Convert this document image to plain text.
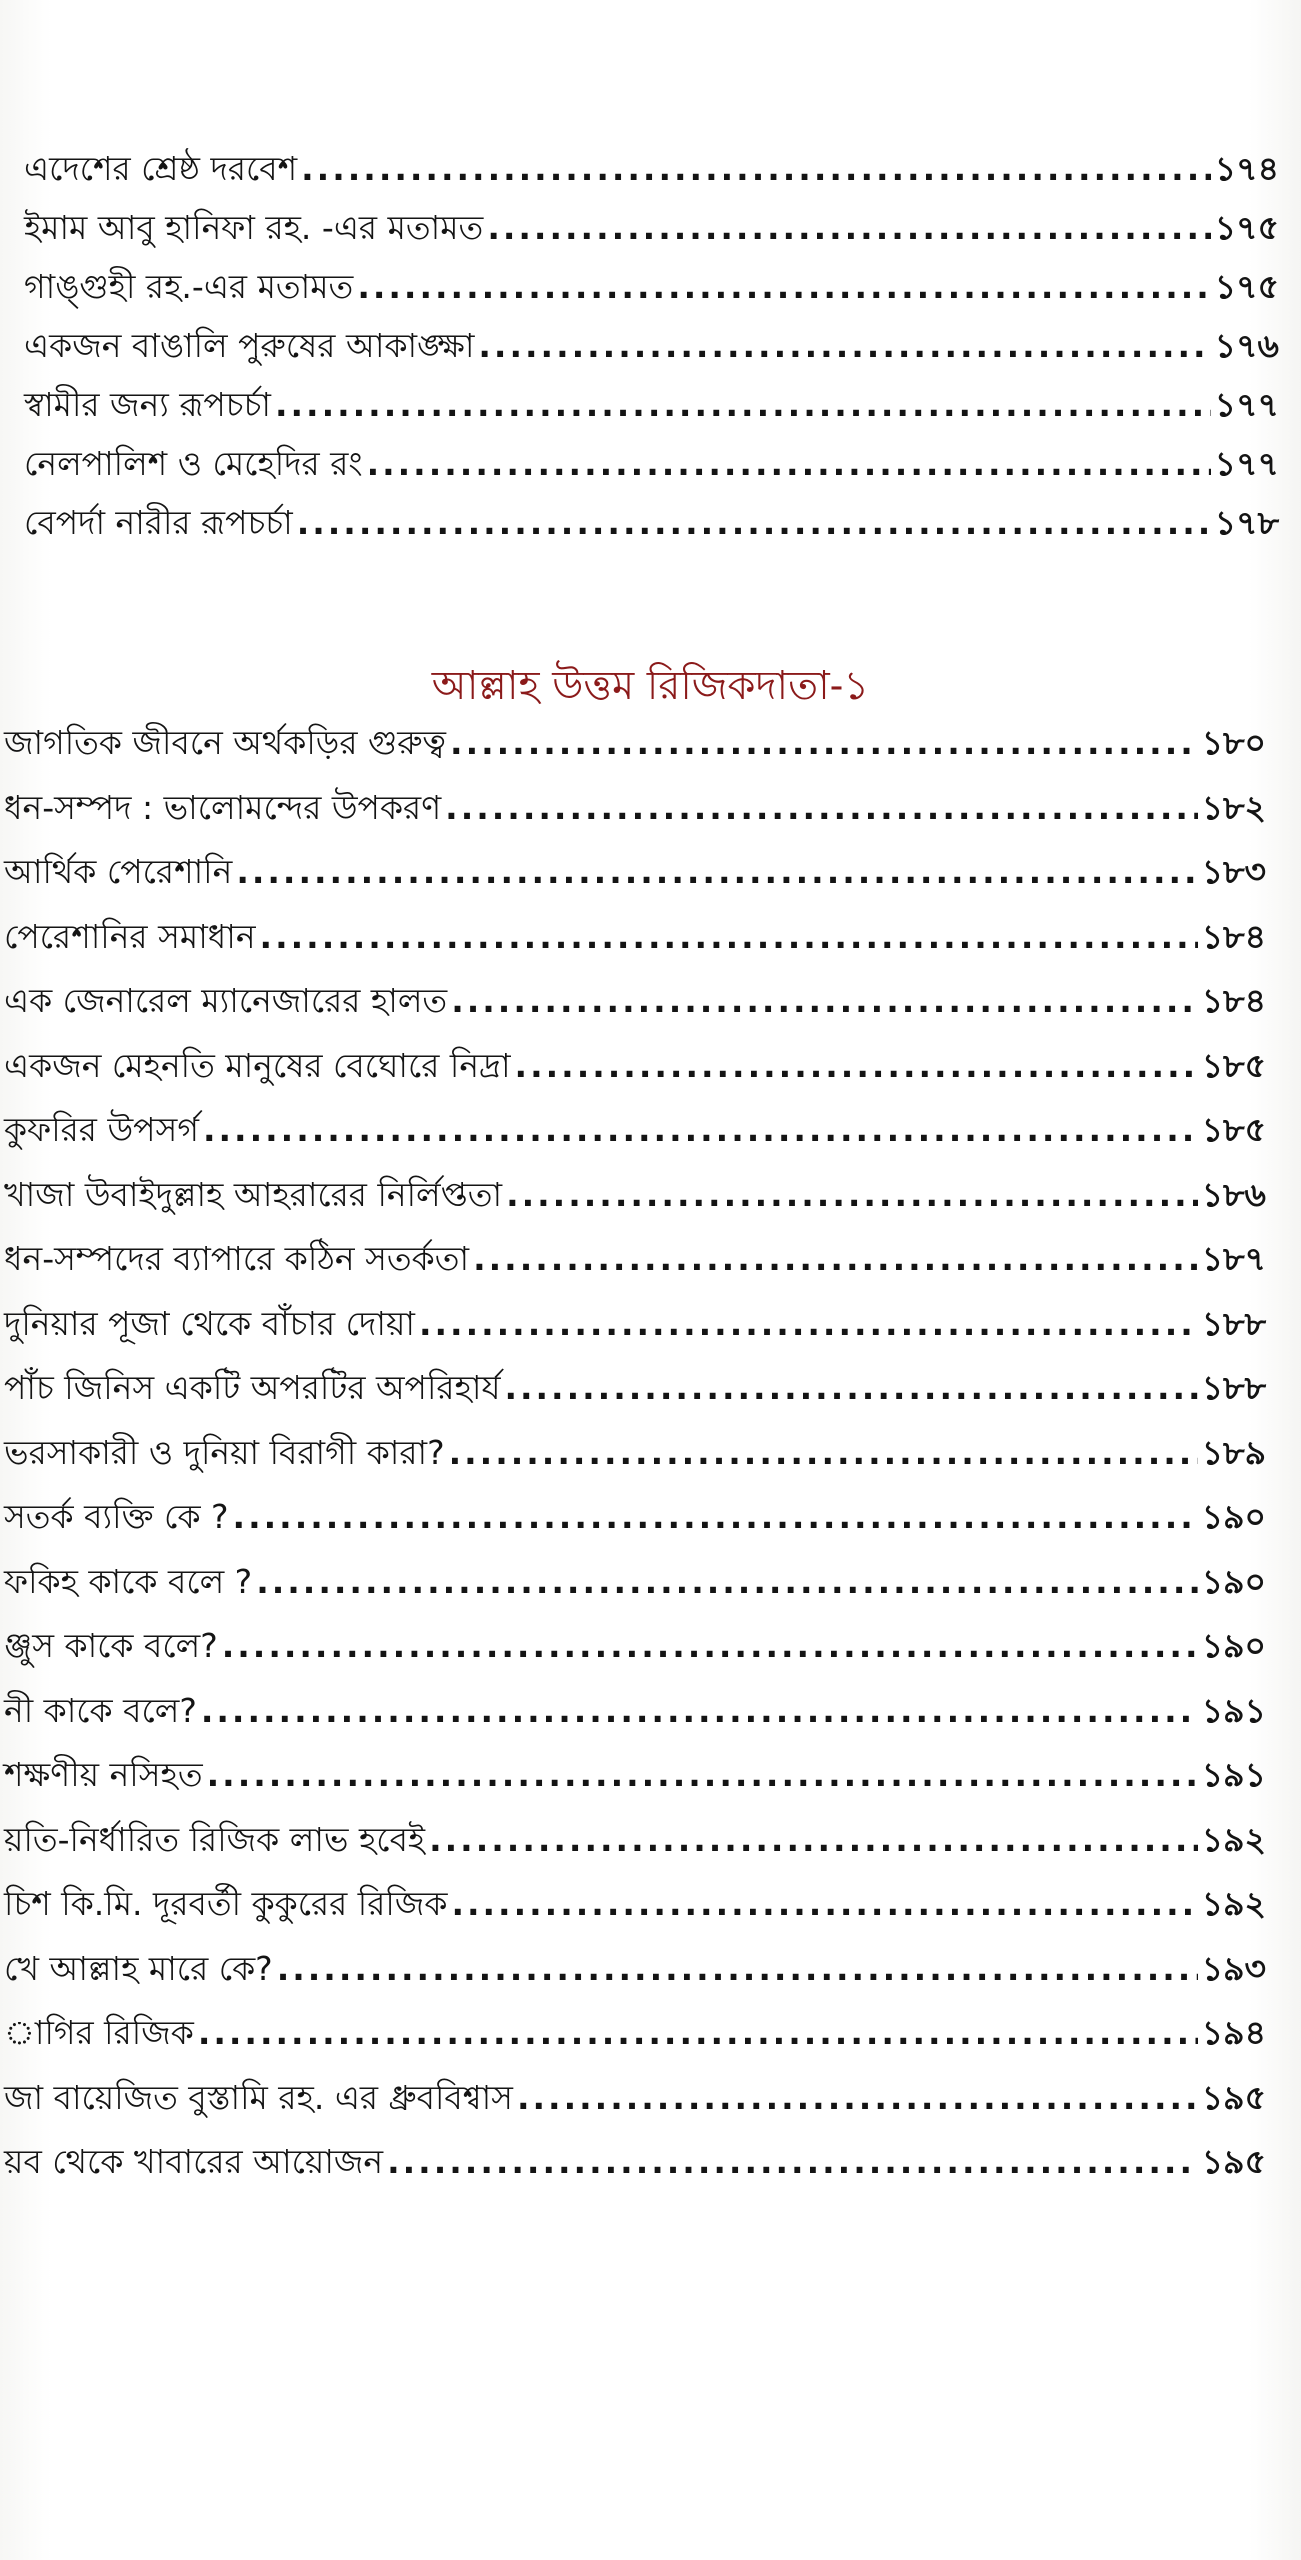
এদেশের শ্রেষ্ঠ দরবেশ .....	১৭৪
ইমাম আবু হানিফা রহ. -এর মতামত .....	১৭৫
গাঙ্গুহী রহ.-এর মতামত .....	১৭৫
একজন বাঙালি পুরুষের আকাঙ্ক্ষা .....	১৭৬
স্বামীর জন্য রূপচর্চা .....	১৭৭
নেলপালিশ ও মেহেদির রং .....	১৭৭
বেপর্দা নারীর রূপচর্চা .....	১৭৮
আল্লাহ উত্তম রিজিকদাতা-১
জাগতিক জীবনে অর্থকড়ির গুরুত্ব .....	১৮০
ধন-সম্পদ : ভালোমন্দের উপকরণ .....	১৮২
আর্থিক পেরেশানি .....	১৮৩
পেরেশানির সমাধান .....	১৮৪
এক জেনারেল ম্যানেজারের হালত .....	১৮৪
একজন মেহনতি মানুষের বেঘোরে নিদ্রা .....	১৮৫
কুফরির উপসর্গ .....	১৮৫
খাজা উবাইদুল্লাহ আহরারের নির্লিপ্ততা .....	১৮৬
ধন-সম্পদের ব্যাপারে কঠিন সতর্কতা .....	১৮৭
দুনিয়ার পূজা থেকে বাঁচার দোয়া .....	১৮৮
পাঁচ জিনিস একটি অপরটির অপরিহার্য .....	১৮৮
ভরসাকারী ও দুনিয়া বিরাগী কারা? .....	১৮৯
সতর্ক ব্যক্তি কে ? .....	১৯০
ফকিহ কাকে বলে ? .....	১৯০
ঞ্জুস কাকে বলে? .....	১৯০
নী কাকে বলে? .....	১৯১
শক্ষণীয় নসিহত .....	১৯১
য়তি-নির্ধারিত রিজিক লাভ হবেই .....	১৯২
চিশ কি.মি. দূরবর্তী কুকুরের রিজিক .....	১৯২
খে আল্লাহ মারে কে? .....	১৯৩
াগির রিজিক .....	১৯৪
জা বায়েজিত বুস্তামি রহ. এর ধ্রুববিশ্বাস .....	১৯৫
য়ব থেকে খাবারের আয়োজন .....	১৯৫
